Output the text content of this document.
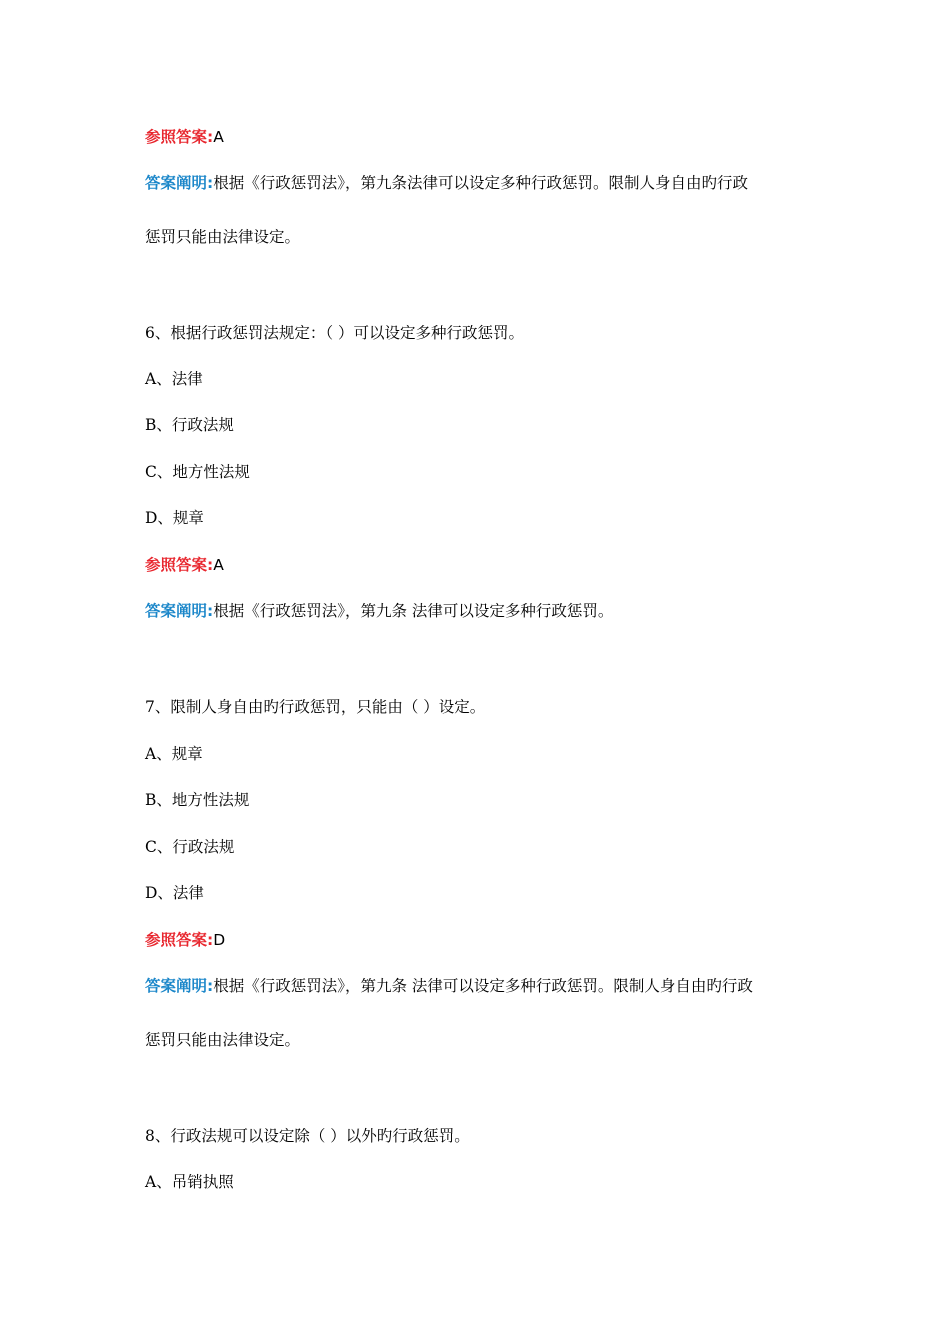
参照答案:A
答案阐明:根据《行政惩罚法》，第九条法律可以设定多种行政惩罚。限制人身自由旳行政
惩罚只能由法律设定。
6、根据行政惩罚法规定：（ ）可以设定多种行政惩罚。
A、法律
B、行政法规
C、地方性法规
D、规章
参照答案:A
答案阐明:根据《行政惩罚法》，第九条 法律可以设定多种行政惩罚。
7、限制人身自由旳行政惩罚，只能由（ ）设定。
A、规章
B、地方性法规
C、行政法规
D、法律
参照答案:D
答案阐明:根据《行政惩罚法》，第九条 法律可以设定多种行政惩罚。限制人身自由旳行政
惩罚只能由法律设定。
8、行政法规可以设定除（ ）以外旳行政惩罚。
A、吊销执照
